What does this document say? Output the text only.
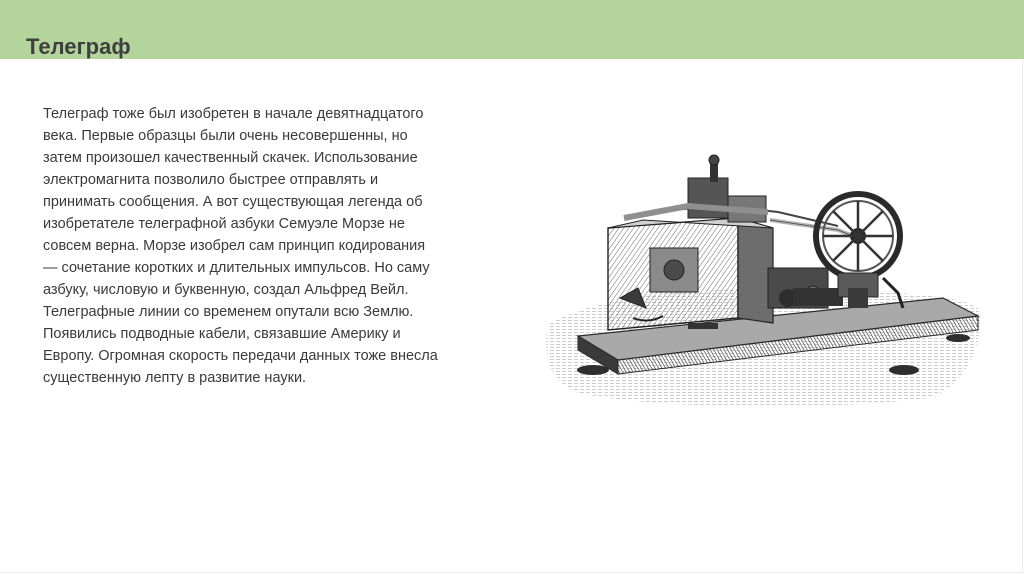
Телеграф
Телеграф тоже был изобретен в начале девятнадцатого
века. Первые образцы были очень несовершенны, но
затем произошел качественный скачек. Использование
электромагнита позволило быстрее отправлять и
принимать сообщения. А вот существующая легенда об
изобретателе телеграфной азбуки Семуэле Морзе не
совсем верна. Морзе изобрел сам принцип кодирования
— сочетание коротких и длительных импульсов. Но саму
азбуку, числовую и буквенную, создал Альфред Вейл.
Телеграфные линии со временем опутали всю Землю.
Появились подводные кабели, связавшие Америку и
Европу. Огромная скорость передачи данных тоже внесла
существенную лепту в развитие науки.
